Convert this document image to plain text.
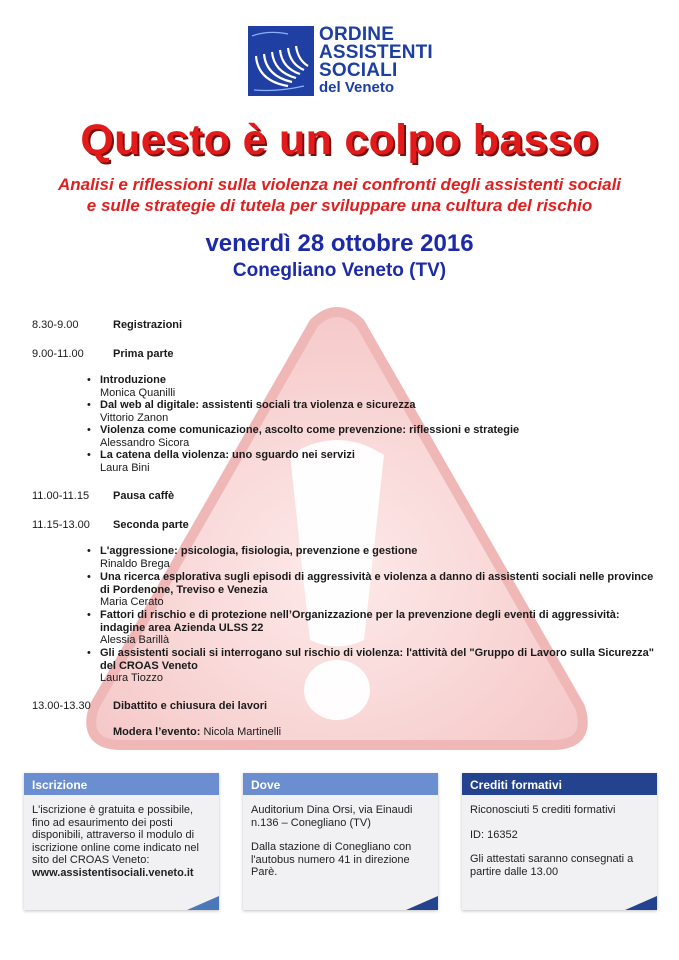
ORDINE
ASSISTENTI
SOCIALI
del Veneto
Questo è un colpo basso
Analisi e riflessioni sulla violenza nei confronti degli assistenti sociali
e sulle strategie di tutela per sviluppare una cultura del rischio
venerdì 28 ottobre 2016
Conegliano Veneto (TV)
8.30-9.00	Registrazioni
9.00-11.00	Prima parte
• Introduzione
Monica Quanilli
• Dal web al digitale: assistenti sociali tra violenza e sicurezza
Vittorio Zanon
• Violenza come comunicazione, ascolto come prevenzione: riflessioni e strategie
Alessandro Sicora
• La catena della violenza: uno sguardo nei servizi
Laura Bini
11.00-11.15	Pausa caffè
11.15-13.00	Seconda parte
• L'aggressione: psicologia, fisiologia, prevenzione e gestione
Rinaldo Brega
• Una ricerca esplorativa sugli episodi di aggressività e violenza a danno di assistenti sociali nelle province di Pordenone, Treviso e Venezia
Maria Cerato
• Fattori di rischio e di protezione nell’Organizzazione per la prevenzione degli eventi di aggressività: indagine area Azienda ULSS 22
Alessia Barillà
• Gli assistenti sociali si interrogano sul rischio di violenza: l'attività del "Gruppo di Lavoro sulla Sicurezza" del CROAS Veneto
Laura Tiozzo
13.00-13.30	Dibattito e chiusura dei lavori
Modera l’evento: Nicola Martinelli
Iscrizione
L'iscrizione è gratuita e possibile, fino ad esaurimento dei posti disponibili, attraverso il modulo di iscrizione online come indicato nel sito del CROAS Veneto:
www.assistentisociali.veneto.it
Dove

Auditorium Dina Orsi, via Einaudi n.136 – Conegliano (TV)

Dalla stazione di Conegliano con l'autobus numero 41 in direzione Parè.

Crediti formativi

Riconosciuti 5 crediti formativi

ID: 16352

Gli attestati saranno consegnati a partire dalle 13.00
